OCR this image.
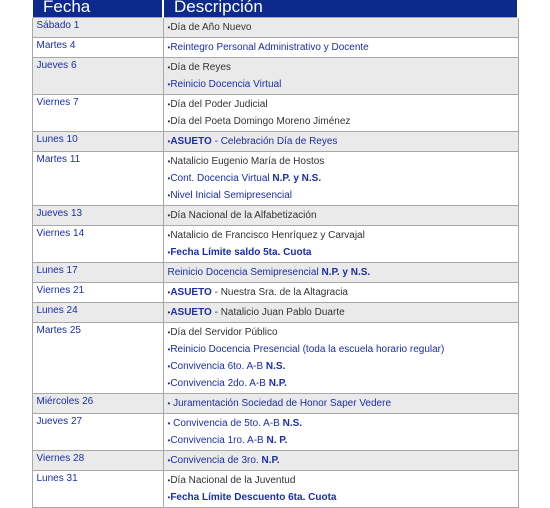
Fecha	Descripción
Sábado 1	•Día de Año Nuevo

Martes 4	•Reintegro Personal Administrativo y Docente

Jueves 6	•Día de Reyes
•Reinicio Docencia Virtual

Viernes 7	•Día del Poder Judicial
•Día del Poeta Domingo Moreno Jiménez

Lunes 10	•ASUETO - Celebración Día de Reyes

Martes 11	•Natalicio Eugenio María de Hostos
•Cont. Docencia Virtual N.P. y N.S.
•Nivel Inicial Semipresencial

Jueves 13	•Día Nacional de la Alfabetización

Viernes 14	•Natalicio de Francisco Henríquez y Carvajal
•Fecha Límite saldo 5ta. Cuota

Lunes 17	Reinicio Docencia Semipresencial N.P. y N.S.

Viernes 21	•ASUETO - Nuestra Sra. de la Altagracia

Lunes 24	•ASUETO - Natalicio Juan Pablo Duarte

Martes 25	•Día del Servidor Público
•Reinicio Docencia Presencial (toda la escuela horario regular)
•Convivencia 6to. A-B N.S.
•Convivencia 2do. A-B N.P.

Miércoles 26	• Juramentación Sociedad de Honor Saper Vedere

Jueves 27	• Convivencia de 5to. A-B N.S.
•Convivencia 1ro. A-B N. P.

Viernes 28	•Convivencia de 3ro. N.P.

Lunes 31	•Día Nacional de la Juventud
•Fecha Límite Descuento 6ta. Cuota
